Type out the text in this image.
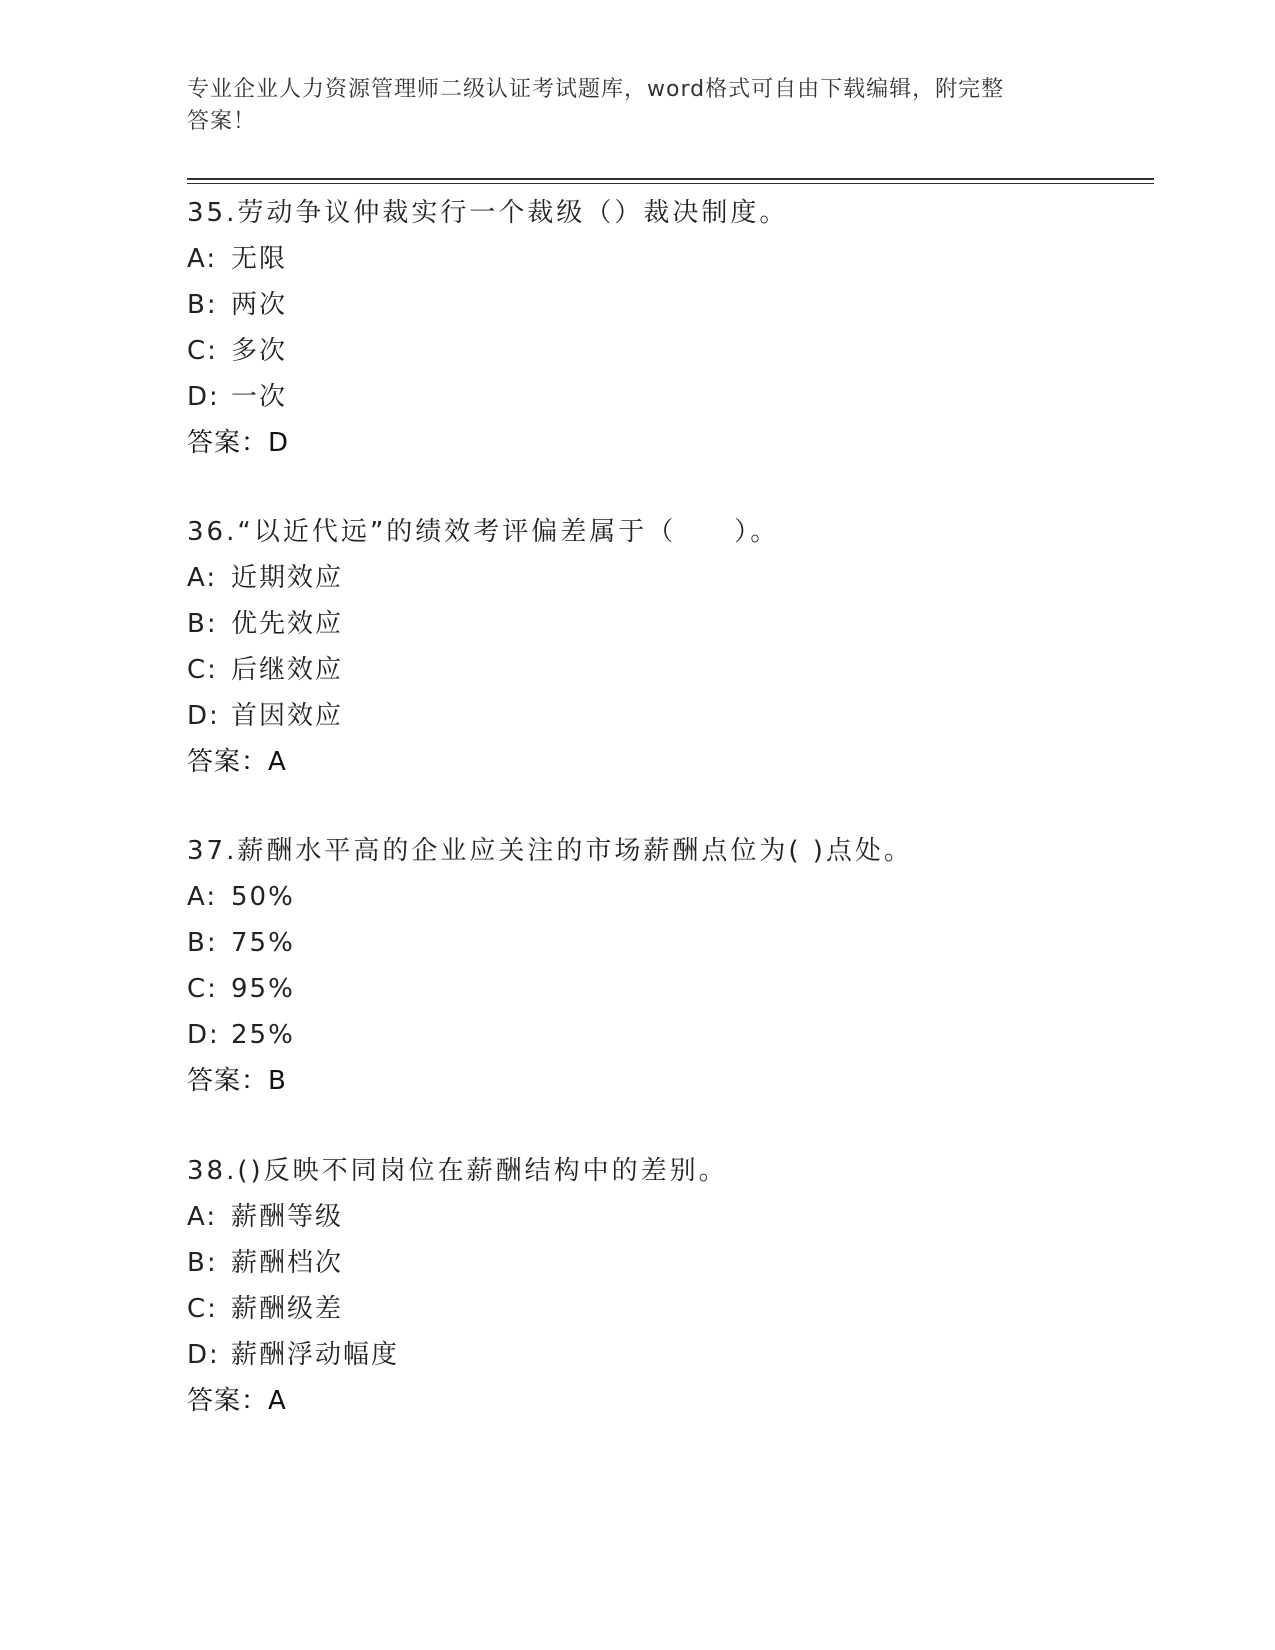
专业企业人力资源管理师二级认证考试题库，word格式可自由下载编辑，附完整
答案！
35.劳动争议仲裁实行一个裁级（）裁决制度。
A: 无限
B: 两次
C: 多次
D: 一次
答案：D
36.“以近代远”的绩效考评偏差属于（　　）。
A: 近期效应
B: 优先效应
C: 后继效应
D: 首因效应
答案：A
37.薪酬水平高的企业应关注的市场薪酬点位为( )点处。
A: 50%
B: 75%
C: 95%
D: 25%
答案：B
38.()反映不同岗位在薪酬结构中的差别。
A: 薪酬等级
B: 薪酬档次
C: 薪酬级差
D: 薪酬浮动幅度
答案：A
